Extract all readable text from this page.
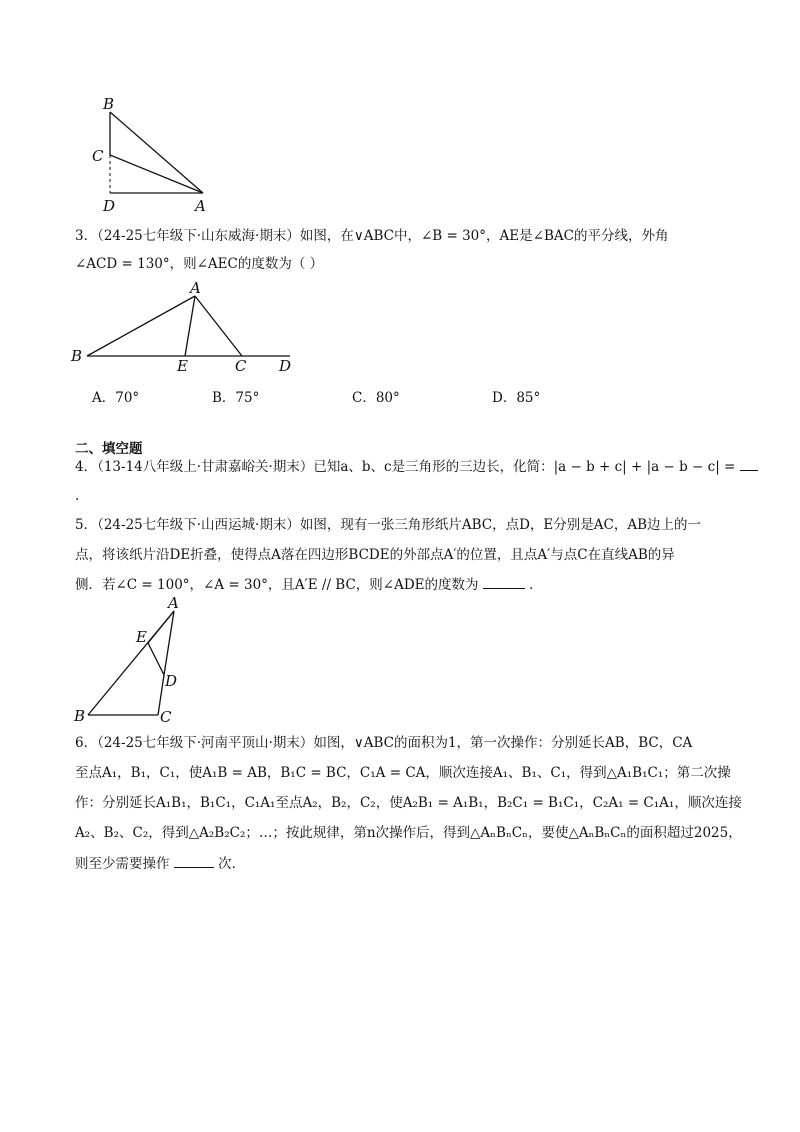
B
C
D	A
3．（24-25七年级下·山东威海·期末）如图，在∨ABC中，∠B = 30°，AE是∠BAC的平分线，外角
∠ACD = 130°，则∠AEC的度数为（ ）
A
B
E	C D
A．70°	B．75°	C．80°	D．85°
二、填空题
4．（13-14八年级上·甘肃嘉峪关·期末）已知a、b、c是三角形的三边长，化简：|a − b + c| + |a − b − c| =
.
5．（24-25七年级下·山西运城·期末）如图，现有一张三角形纸片ABC，点D，E分别是AC，AB边上的一
点，将该纸片沿DE折叠，使得点A落在四边形BCDE的外部点A′的位置，且点A′与点C在直线AB的异
侧．若∠C = 100°，∠A = 30°，且A′E // BC，则∠ADE的度数为	．
A
E
D
B	C
6．（24-25七年级下·河南平顶山·期末）如图，∨ABC的面积为1，第一次操作：分别延长AB，BC，CA
至点A₁，B₁，C₁，使A₁B = AB，B₁C = BC，C₁A = CA，顺次连接A₁、B₁、C₁，得到△A₁B₁C₁；第二次操
作：分别延长A₁B₁，B₁C₁，C₁A₁至点A₂，B₂，C₂，使A₂B₁ = A₁B₁，B₂C₁ = B₁C₁，C₂A₁ = C₁A₁，顺次连接
A₂、B₂、C₂，得到△A₂B₂C₂；…；按此规律，第n次操作后，得到△AₙBₙCₙ，要使△AₙBₙCₙ的面积超过2025，
则至少需要操作	次．
